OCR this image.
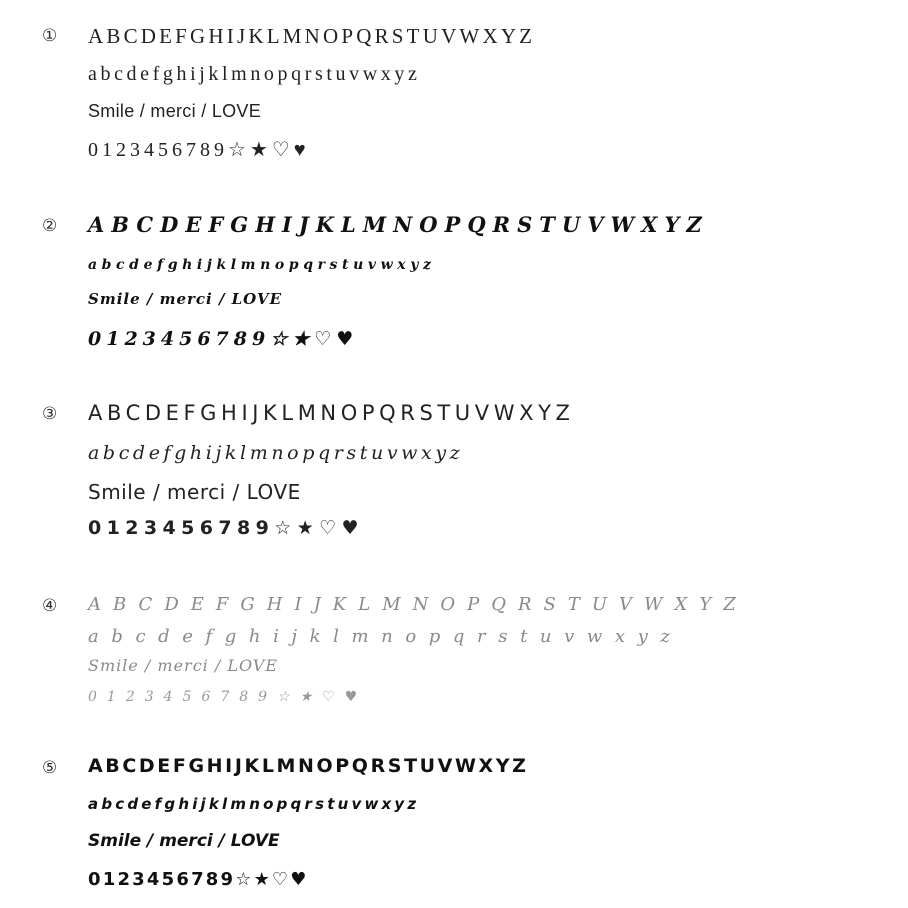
① ABCDEFGHIJKLMNOPQRSTUVWXYZ
abcdefghijklmnopqrstuvwxyz
Smile / merci / LOVE
0123456789☆★♡♥
② ABCDEFGHIJKLMNOPQRSTUVWXYZ
abcdefghijklmnopqrstuvwxyz
Smile / merci / LOVE
0123456789☆★♡♥
③ ABCDEFGHIJKLMNOPQRSTUVWXYZ
abcdefghijklmnopqrstuvwxyz
Smile / merci / LOVE
0123456789☆★♡♥
④ ABCDEFGHIJKLMNOPQRSTUVWXYZ
abcdefghijklmnopqrstuvwxyz
Smile / merci / LOVE
0123456789☆★♡♥
⑤ ABCDEFGHIJKLMNOPQRSTUVWXYZ
abcdefghijklmnopqrstuvwxyz
Smile / merci / LOVE
0123456789☆★♡♥
